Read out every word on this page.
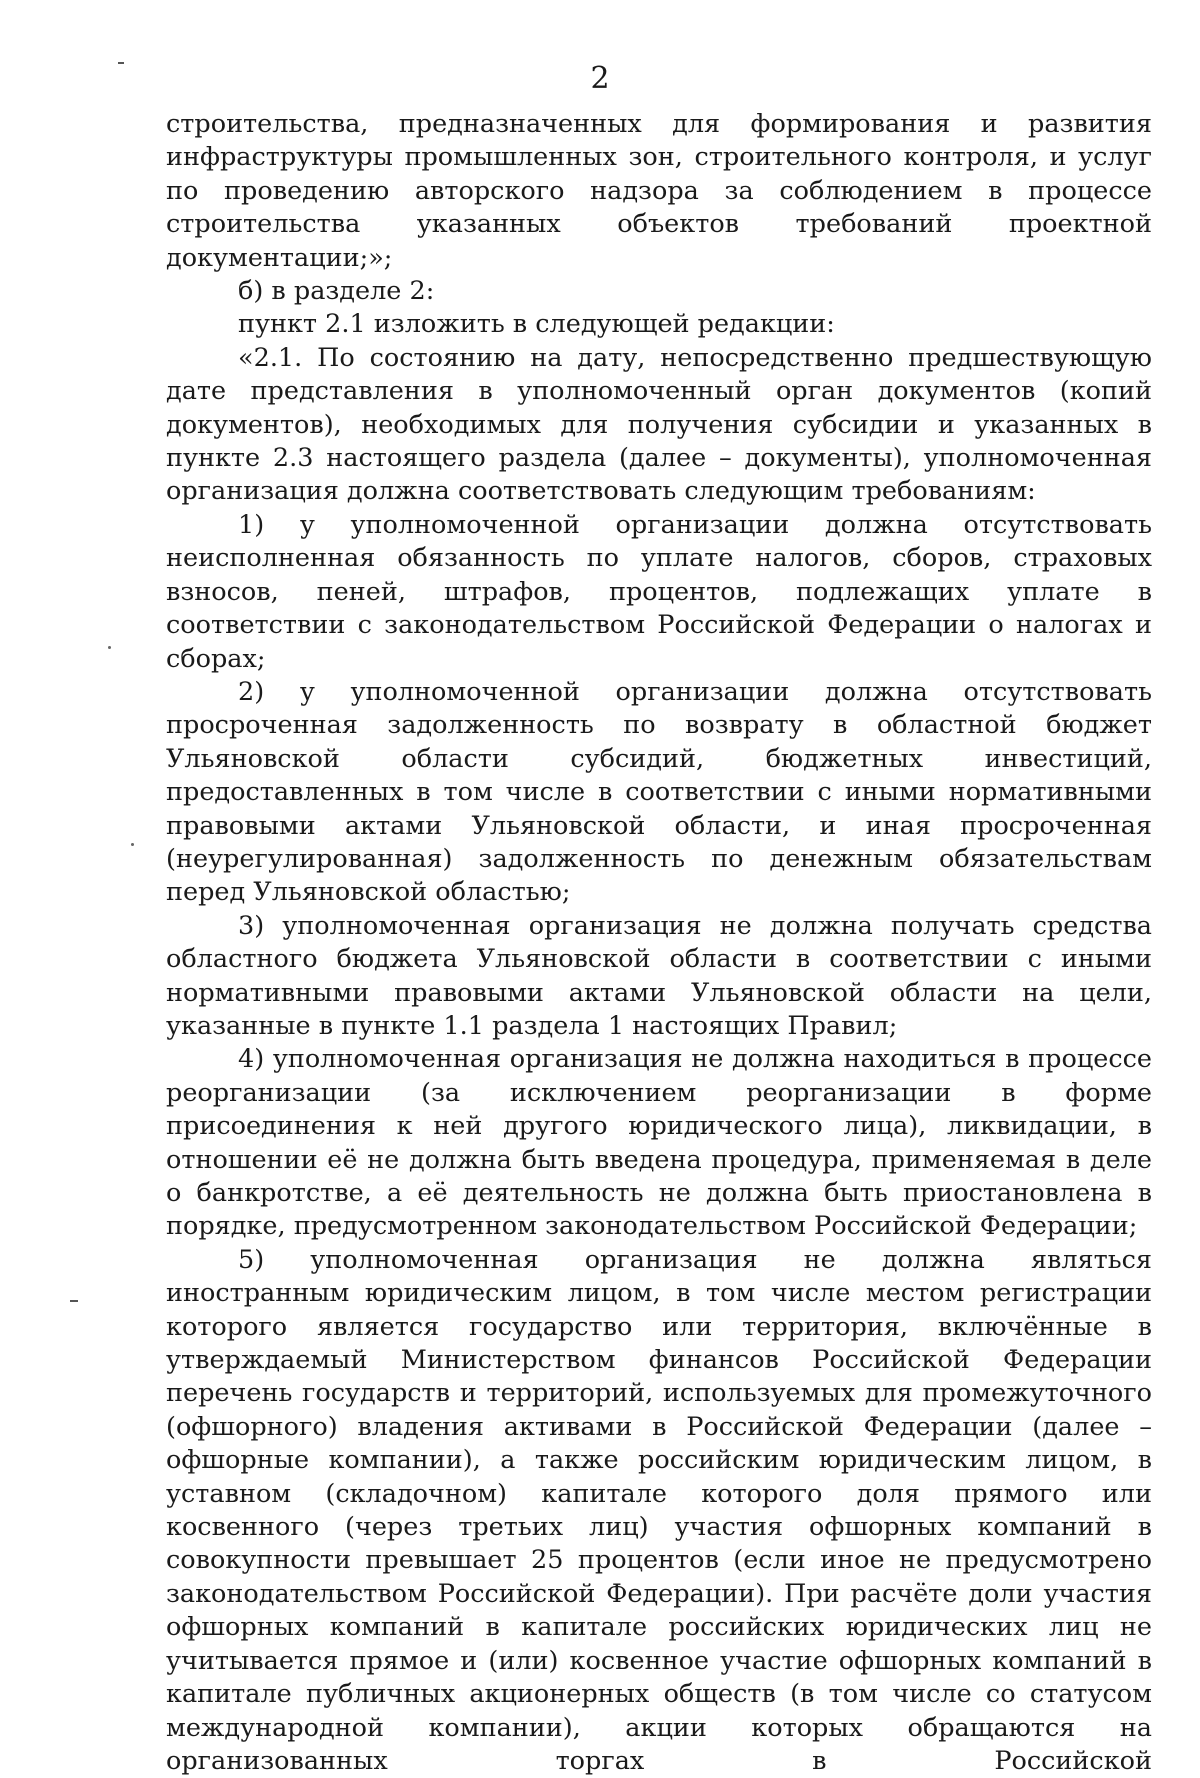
2

строительства, предназначенных для формирования и развития инфраструктуры промышленных зон, строительного контроля, и услуг по проведению авторского надзора за соблюдением в процессе строительства указанных объектов требований проектной документации;»;

б) в разделе 2:

пункт 2.1 изложить в следующей редакции:

«2.1. По состоянию на дату, непосредственно предшествующую дате представления в уполномоченный орган документов (копий документов), необходимых для получения субсидии и указанных в пункте 2.3 настоящего раздела (далее – документы), уполномоченная организация должна соответствовать следующим требованиям:

1) у уполномоченной организации должна отсутствовать неисполненная обязанность по уплате налогов, сборов, страховых взносов, пеней, штрафов, процентов, подлежащих уплате в соответствии с законодательством Российской Федерации о налогах и сборах;

2) у уполномоченной организации должна отсутствовать просроченная задолженность по возврату в областной бюджет Ульяновской области субсидий, бюджетных инвестиций, предоставленных в том числе в соответствии с иными нормативными правовыми актами Ульяновской области, и иная просроченная (неурегулированная) задолженность по денежным обязательствам перед Ульяновской областью;

3) уполномоченная организация не должна получать средства областного бюджета Ульяновской области в соответствии с иными нормативными правовыми актами Ульяновской области на цели, указанные в пункте 1.1 раздела 1 настоящих Правил;

4) уполномоченная организация не должна находиться в процессе реорганизации (за исключением реорганизации в форме присоединения к ней другого юридического лица), ликвидации, в отношении её не должна быть введена процедура, применяемая в деле о банкротстве, а её деятельность не должна быть приостановлена в порядке, предусмотренном законодательством Российской Федерации;

5) уполномоченная организация не должна являться иностранным юридическим лицом, в том числе местом регистрации которого является государство или территория, включённые в утверждаемый Министерством финансов Российской Федерации перечень государств и территорий, используемых для промежуточного (офшорного) владения активами в Российской Федерации (далее – офшорные компании), а также российским юридическим лицом, в уставном (складочном) капитале которого доля прямого или косвенного (через третьих лиц) участия офшорных компаний в совокупности превышает 25 процентов (если иное не предусмотрено законодательством Российской Федерации). При расчёте доли участия офшорных компаний в капитале российских юридических лиц не учитывается прямое и (или) косвенное участие офшорных компаний в капитале публичных акционерных обществ (в том числе со статусом международной компании), акции которых обращаются на организованных торгах в Российской
